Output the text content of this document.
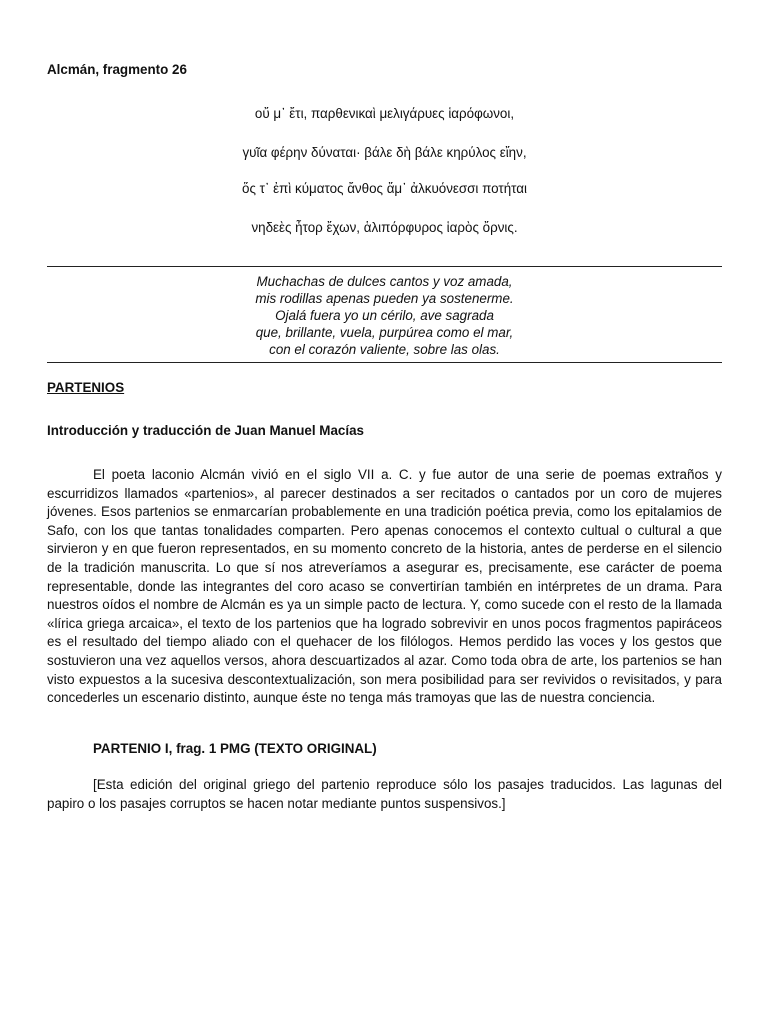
Alcmán, fragmento 26

οὔ μ᾽ ἔτι, παρθενικαὶ μελιγάρυες ἱαρόφωνοι,
γυῖα φέρην δύναται· βάλε δὴ βάλε κηρύλος εἴην,
ὅς τ᾽ ἐπὶ κύματος ἄνθος ἅμ᾽ ἀλκυόνεσσι ποτήται
νηδεὲς ἦτορ ἔχων, ἁλιπόρφυρος ἱαρὸς ὄρνις.
Muchachas de dulces cantos y voz amada,
mis rodillas apenas pueden ya sostenerme.
Ojalá fuera yo un cérilo, ave sagrada
que, brillante, vuela, purpúrea como el mar,
con el corazón valiente, sobre las olas.

PARTENIOS

Introducción y traducción de Juan Manuel Macías

El poeta laconio Alcmán vivió en el siglo VII a. C. y fue autor de una serie de poemas extraños y escurridizos llamados «partenios», al parecer destinados a ser recitados o cantados por un coro de mujeres jóvenes. Esos partenios se enmarcarían probablemente en una tradición poética previa, como los epitalamios de Safo, con los que tantas tonalidades comparten. Pero apenas conocemos el contexto cultual o cultural a que sirvieron y en que fueron representados, en su momento concreto de la historia, antes de perderse en el silencio de la tradición manuscrita. Lo que sí nos atreveríamos a asegurar es, precisamente, ese carácter de poema representable, donde las integrantes del coro acaso se convertirían también en intérpretes de un drama. Para nuestros oídos el nombre de Alcmán es ya un simple pacto de lectura. Y, como sucede con el resto de la llamada «lírica griega arcaica», el texto de los partenios que ha logrado sobrevivir en unos pocos fragmentos papiráceos es el resultado del tiempo aliado con el quehacer de los filólogos. Hemos perdido las voces y los gestos que sostuvieron una vez aquellos versos, ahora descuartizados al azar. Como toda obra de arte, los partenios se han visto expuestos a la sucesiva descontextualización, son mera posibilidad para ser revividos o revisitados, y para concederles un escenario distinto, aunque éste no tenga más tramoyas que las de nuestra conciencia.

PARTENIO I, frag. 1 PMG (TEXTO ORIGINAL)

[Esta edición del original griego del partenio reproduce sólo los pasajes traducidos. Las lagunas del papiro o los pasajes corruptos se hacen notar mediante puntos suspensivos.]
